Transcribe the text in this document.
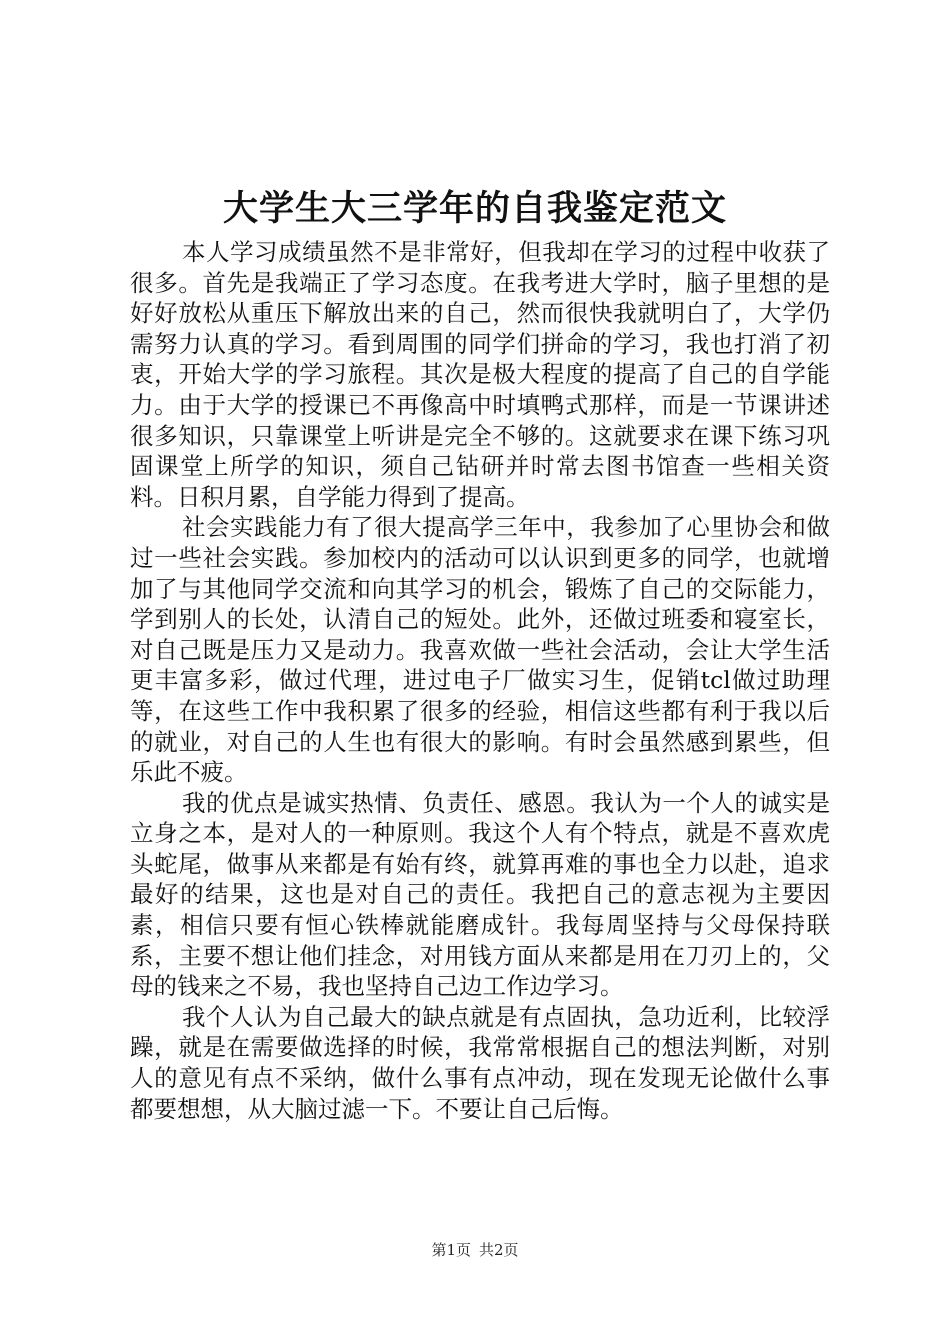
大学生大三学年的自我鉴定范文

本人学习成绩虽然不是非常好，但我却在学习的过程中收获了很多。首先是我端正了学习态度。在我考进大学时，脑子里想的是好好放松从重压下解放出来的自己，然而很快我就明白了，大学仍需努力认真的学习。看到周围的同学们拼命的学习，我也打消了初衷，开始大学的学习旅程。其次是极大程度的提高了自己的自学能力。由于大学的授课已不再像高中时填鸭式那样，而是一节课讲述很多知识，只靠课堂上听讲是完全不够的。这就要求在课下练习巩固课堂上所学的知识，须自己钻研并时常去图书馆查一些相关资料。日积月累，自学能力得到了提高。

社会实践能力有了很大提高学三年中，我参加了心里协会和做过一些社会实践。参加校内的活动可以认识到更多的同学，也就增加了与其他同学交流和向其学习的机会，锻炼了自己的交际能力，学到别人的长处，认清自己的短处。此外，还做过班委和寝室长，对自己既是压力又是动力。我喜欢做一些社会活动，会让大学生活更丰富多彩，做过代理，进过电子厂做实习生，促销tcl做过助理等，在这些工作中我积累了很多的经验，相信这些都有利于我以后的就业，对自己的人生也有很大的影响。有时会虽然感到累些，但乐此不疲。

我的优点是诚实热情、负责任、感恩。我认为一个人的诚实是立身之本，是对人的一种原则。我这个人有个特点，就是不喜欢虎头蛇尾，做事从来都是有始有终，就算再难的事也全力以赴，追求最好的结果，这也是对自己的责任。我把自己的意志视为主要因素，相信只要有恒心铁棒就能磨成针。我每周坚持与父母保持联系，主要不想让他们挂念，对用钱方面从来都是用在刀刃上的，父母的钱来之不易，我也坚持自己边工作边学习。

我个人认为自己最大的缺点就是有点固执，急功近利，比较浮躁，就是在需要做选择的时候，我常常根据自己的想法判断，对别人的意见有点不采纳，做什么事有点冲动，现在发现无论做什么事都要想想，从大脑过滤一下。不要让自己后悔。

第1页 共2页
